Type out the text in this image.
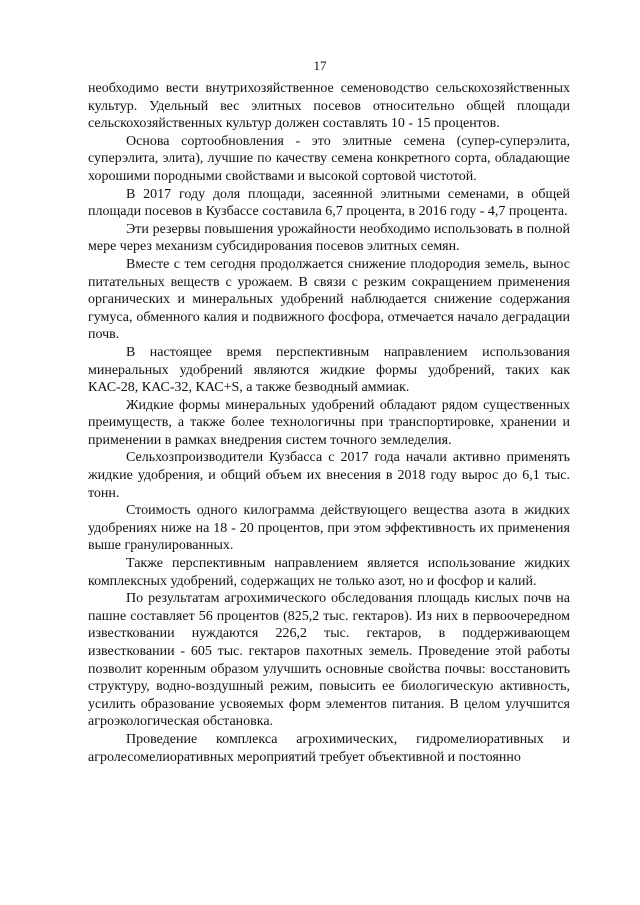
17

необходимо вести внутрихозяйственное семеноводство сельскохозяйственных культур. Удельный вес элитных посевов относительно общей площади сельскохозяйственных культур должен составлять 10 - 15 процентов.

Основа сортообновления - это элитные семена (супер-суперэлита, суперэлита, элита), лучшие по качеству семена конкретного сорта, обладающие хорошими породными свойствами и высокой сортовой чистотой.

В 2017 году доля площади, засеянной элитными семенами, в общей площади посевов в Кузбассе составила 6,7 процента, в 2016 году - 4,7 процента.

Эти резервы повышения урожайности необходимо использовать в полной мере через механизм субсидирования посевов элитных семян.

Вместе с тем сегодня продолжается снижение плодородия земель, вынос питательных веществ с урожаем. В связи с резким сокращением применения органических и минеральных удобрений наблюдается снижение содержания гумуса, обменного калия и подвижного фосфора, отмечается начало деградации почв.

В настоящее время перспективным направлением использования минеральных удобрений являются жидкие формы удобрений, таких как КАС-28, КАС-32, КАС+S, а также безводный аммиак.

Жидкие формы минеральных удобрений обладают рядом существенных преимуществ, а также более технологичны при транспортировке, хранении и применении в рамках внедрения систем точного земледелия.

Сельхозпроизводители Кузбасса с 2017 года начали активно применять жидкие удобрения, и общий объем их внесения в 2018 году вырос до 6,1 тыс. тонн.

Стоимость одного килограмма действующего вещества азота в жидких удобрениях ниже на 18 - 20 процентов, при этом эффективность их применения выше гранулированных.

Также перспективным направлением является использование жидких комплексных удобрений, содержащих не только азот, но и фосфор и калий.

По результатам агрохимического обследования площадь кислых почв на пашне составляет 56 процентов (825,2 тыс. гектаров). Из них в первоочередном известковании нуждаются 226,2 тыс. гектаров, в поддерживающем известковании - 605 тыс. гектаров пахотных земель. Проведение этой работы позволит коренным образом улучшить основные свойства почвы: восстановить структуру, водно-воздушный режим, повысить ее биологическую активность, усилить образование усвояемых форм элементов питания. В целом улучшится агроэкологическая обстановка.

Проведение комплекса агрохимических, гидромелиоративных и агролесомелиоративных мероприятий требует объективной и постоянно
